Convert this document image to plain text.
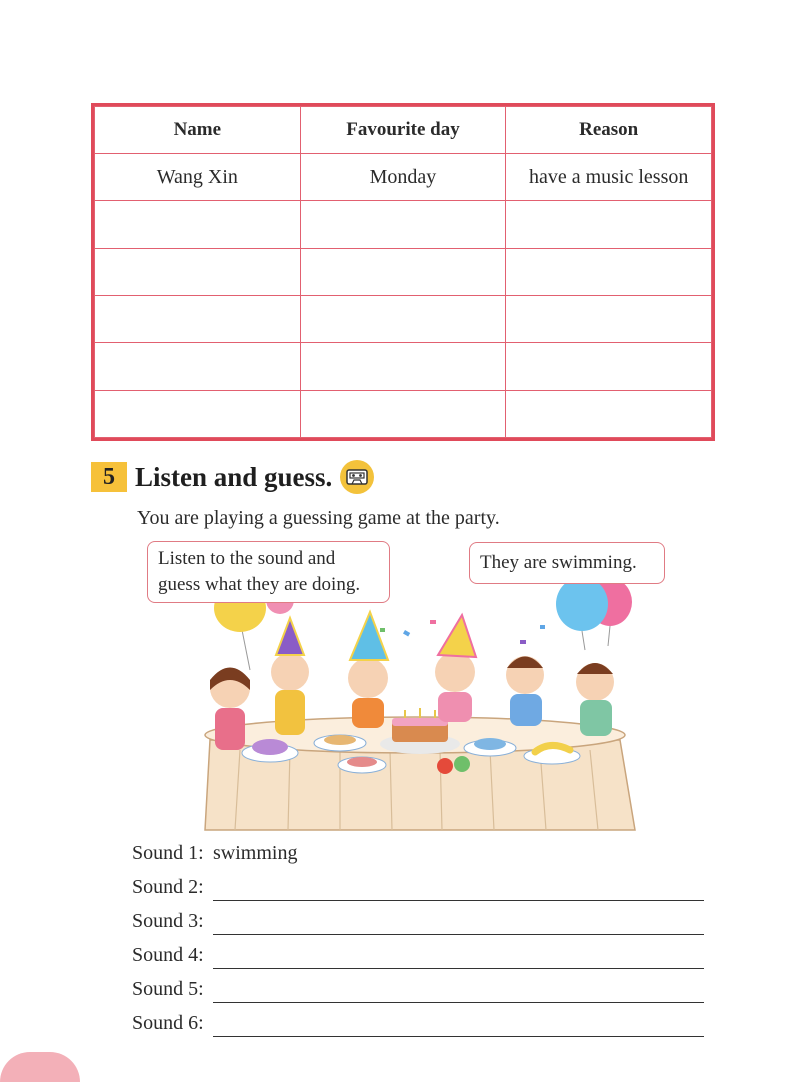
Name	Favourite day	Reason
Wang Xin	Monday	have a music lesson

5 Listen and guess.
You are playing a guessing game at the party.
Listen to the sound and
guess what they are doing.
They are swimming.
Sound 1: swimming
Sound 2:
Sound 3:
Sound 4:
Sound 5:
Sound 6:
